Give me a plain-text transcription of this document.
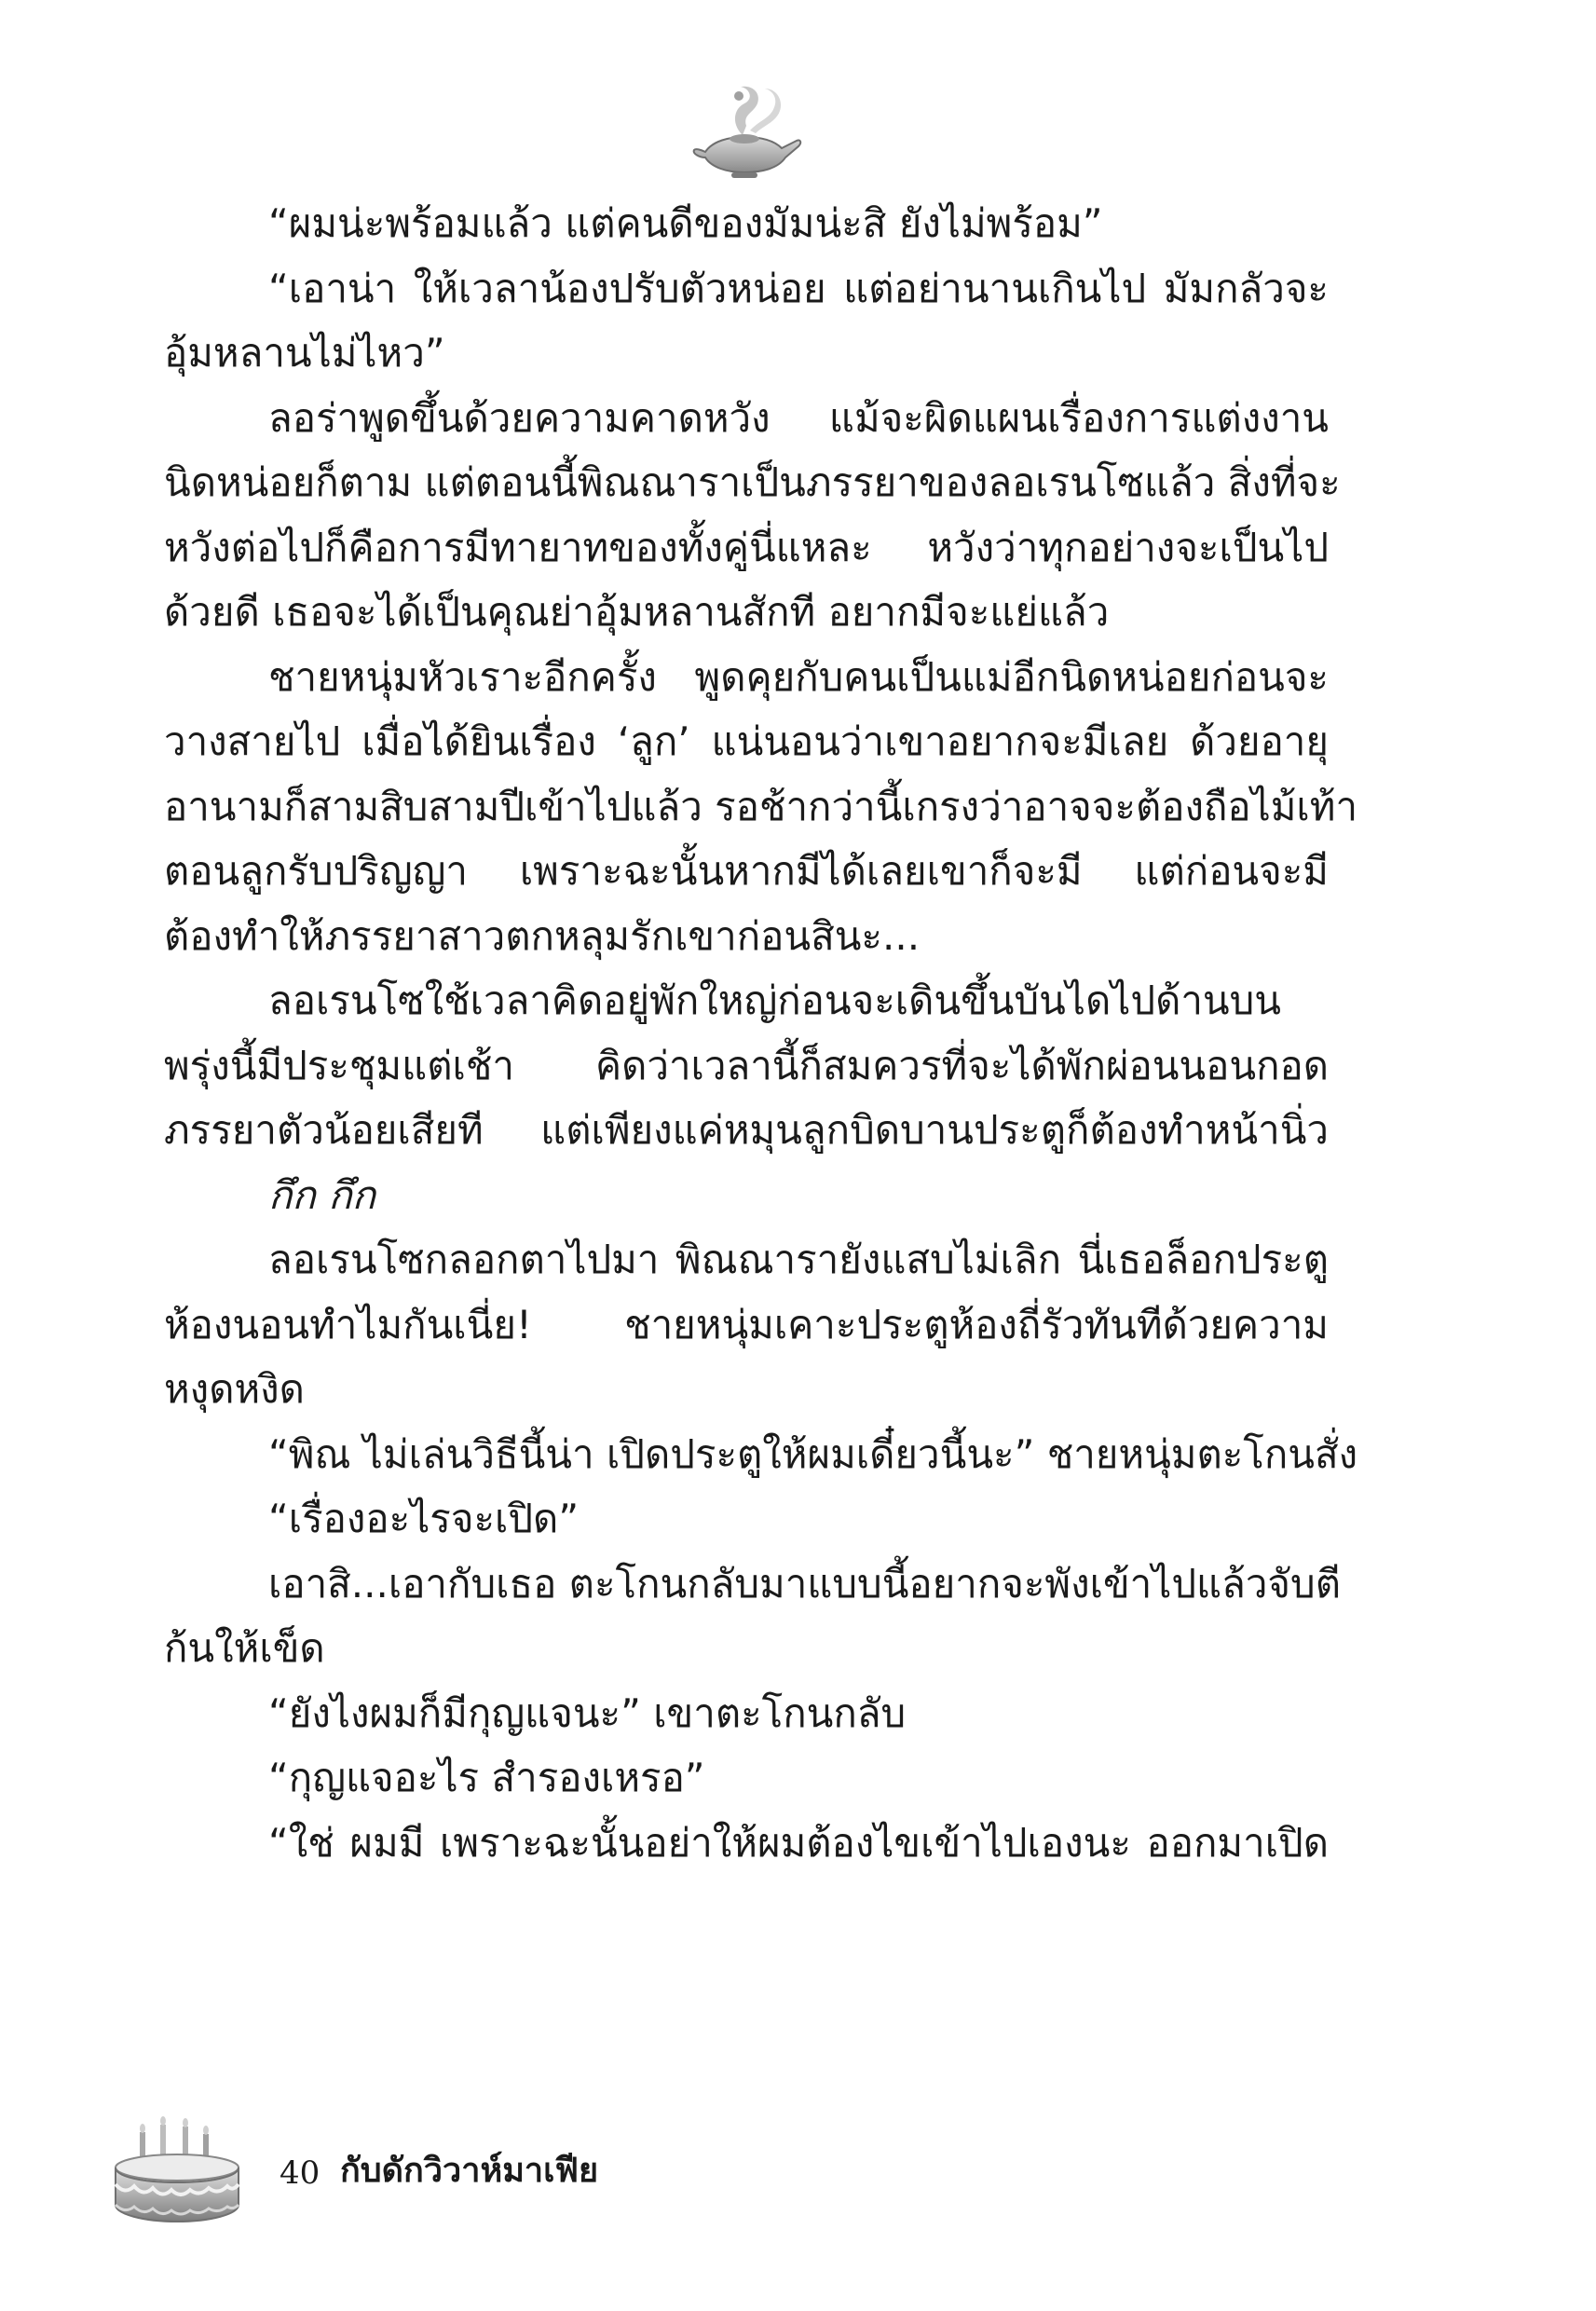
“ผมน่ะพร้อมแล้ว แต่คนดีของมัมน่ะสิ ยังไม่พร้อม”
“เอาน่า ให้เวลาน้องปรับตัวหน่อย แต่อย่านานเกินไป มัมกลัวจะ
อุ้มหลานไม่ไหว”
ลอร่าพูดขึ้นด้วยความคาดหวัง แม้จะผิดแผนเรื่องการแต่งงาน
นิดหน่อยก็ตาม แต่ตอนนี้พิณณาราเป็นภรรยาของลอเรนโซแล้ว สิ่งที่จะ
หวังต่อไปก็คือการมีทายาทของทั้งคู่นี่แหละ หวังว่าทุกอย่างจะเป็นไป
ด้วยดี เธอจะได้เป็นคุณย่าอุ้มหลานสักที อยากมีจะแย่แล้ว
ชายหนุ่มหัวเราะอีกครั้ง พูดคุยกับคนเป็นแม่อีกนิดหน่อยก่อนจะ
วางสายไป เมื่อได้ยินเรื่อง ‘ลูก’ แน่นอนว่าเขาอยากจะมีเลย ด้วยอายุ
อานามก็สามสิบสามปีเข้าไปแล้ว รอช้ากว่านี้เกรงว่าอาจจะต้องถือไม้เท้า
ตอนลูกรับปริญญา เพราะฉะนั้นหากมีได้เลยเขาก็จะมี แต่ก่อนจะมี
ต้องทำให้ภรรยาสาวตกหลุมรักเขาก่อนสินะ...
ลอเรนโซใช้เวลาคิดอยู่พักใหญ่ก่อนจะเดินขึ้นบันไดไปด้านบน
พรุ่งนี้มีประชุมแต่เช้า คิดว่าเวลานี้ก็สมควรที่จะได้พักผ่อนนอนกอด
ภรรยาตัวน้อยเสียที แต่เพียงแค่หมุนลูกบิดบานประตูก็ต้องทำหน้านิ่ว
กึก กึก
ลอเรนโซกลอกตาไปมา พิณณารายังแสบไม่เลิก นี่เธอล็อกประตู
ห้องนอนทำไมกันเนี่ย! ชายหนุ่มเคาะประตูห้องถี่รัวทันทีด้วยความ
หงุดหงิด
“พิณ ไม่เล่นวิธีนี้น่า เปิดประตูให้ผมเดี๋ยวนี้นะ” ชายหนุ่มตะโกนสั่ง
“เรื่องอะไรจะเปิด”
เอาสิ...เอากับเธอ ตะโกนกลับมาแบบนี้อยากจะพังเข้าไปแล้วจับตี
ก้นให้เข็ด
“ยังไงผมก็มีกุญแจนะ” เขาตะโกนกลับ
“กุญแจอะไร สำรองเหรอ”
“ใช่ ผมมี เพราะฉะนั้นอย่าให้ผมต้องไขเข้าไปเองนะ ออกมาเปิด
40 กับดักวิวาห์มาเฟีย
